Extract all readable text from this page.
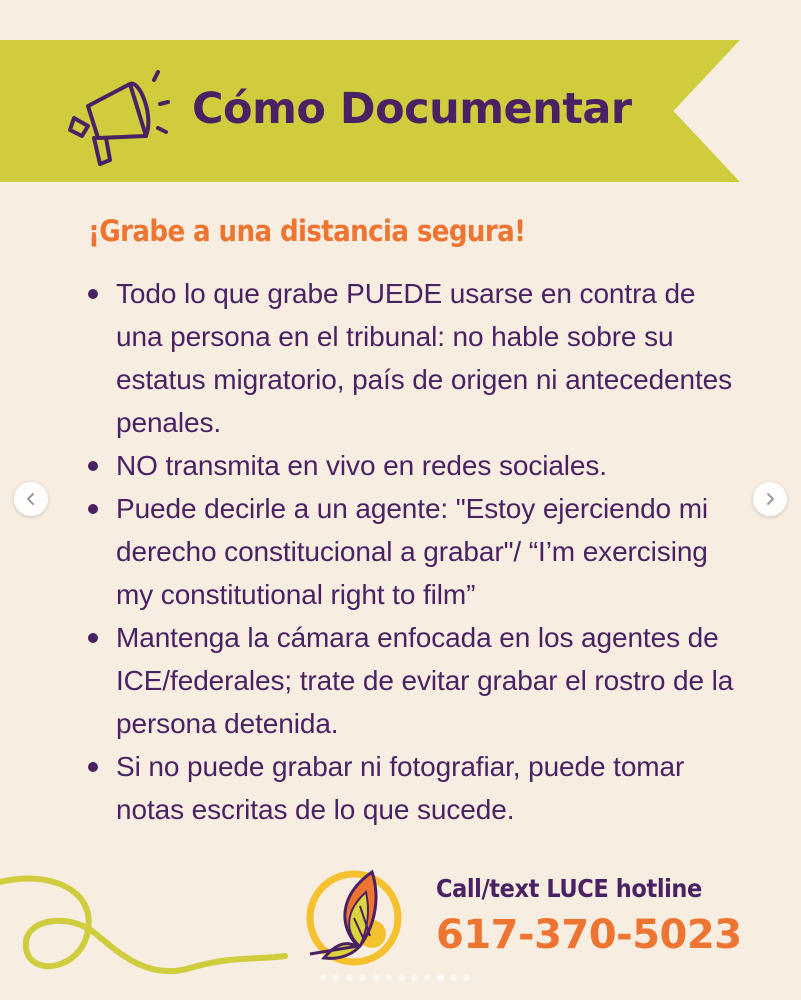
Cómo Documentar
¡Grabe a una distancia segura!
Todo lo que grabe PUEDE usarse en contra de una persona en el tribunal: no hable sobre su estatus migratorio, país de origen ni antecedentes penales.
NO transmita en vivo en redes sociales.
Puede decirle a un agente: "Estoy ejerciendo mi derecho constitucional a grabar"/ “I’m exercising my constitutional right to film”
Mantenga la cámara enfocada en los agentes de ICE/federales; trate de evitar grabar el rostro de la persona detenida.
Si no puede grabar ni fotografiar, puede tomar notas escritas de lo que sucede.

Call/text LUCE hotline

617-370-5023
